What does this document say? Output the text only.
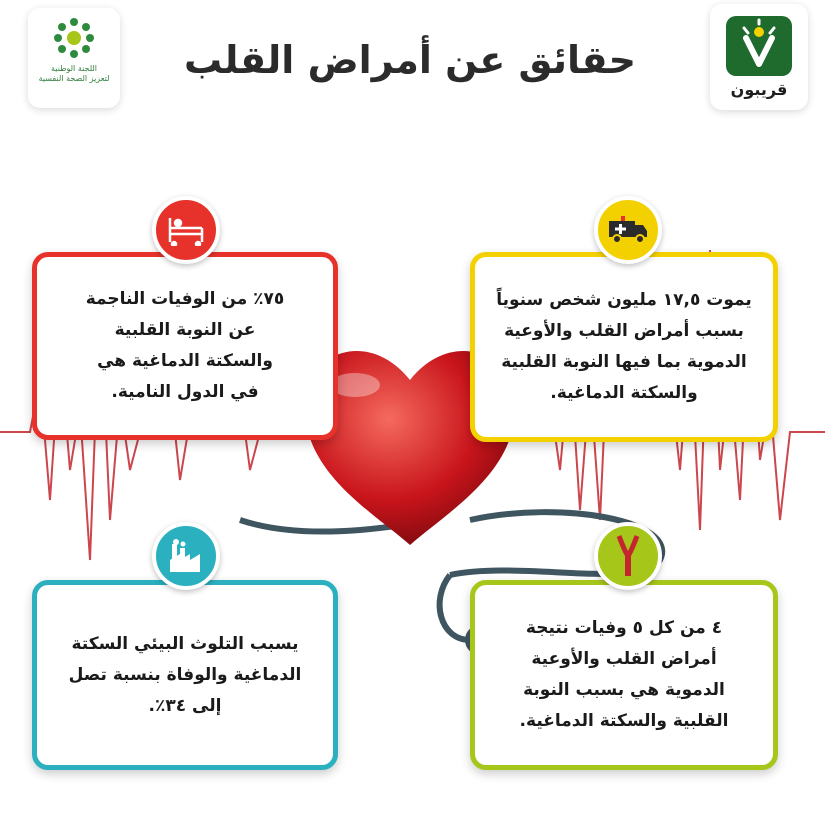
حقائق عن أمراض القلب
اللجنة الوطنية
لتعزيز الصحة النفسية
قريبون
٧٥٪ من الوفيات الناجمة
عن النوبة القلبية
والسكتة الدماغية هي
في الدول النامية.
يموت ١٧,٥ مليون شخص سنوياً
بسبب أمراض القلب والأوعية
الدموية بما فيها النوبة القلبية
والسكتة الدماغية.
يسبب التلوث البيئي السكتة
الدماغية والوفاة بنسبة تصل
إلى ٣٤٪.
٤ من كل ٥ وفيات نتيجة
أمراض القلب والأوعية
الدموية هي بسبب النوبة
القلبية والسكتة الدماغية.
